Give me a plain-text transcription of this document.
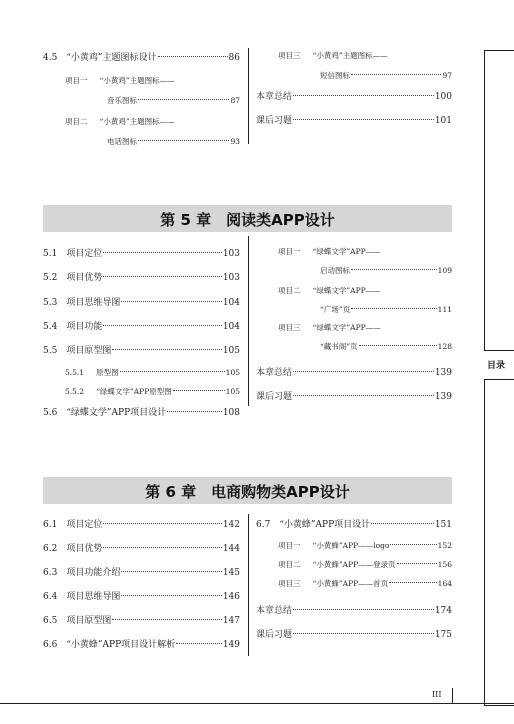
目录
第 5 章　阅读类APP设计
第 6 章　电商购物类APP设计
III
4.5 “小黄鸡”主题图标设计	86
项目一 “小黄鸡”主题图标——
音乐图标	87
项目二 “小黄鸡”主题图标——
电话图标	93
项目三 “小黄鸡”主题图标——
短信图标	97
本章总结	100
课后习题	101
5.1 项目定位	103
5.2 项目优势	103
5.3 项目思维导图	104
5.4 项目功能	104
5.5 项目原型图	105
5.5.1 原型图	105
5.5.2 “绿蝶文学”APP原型图	105
5.6 “绿蝶文学”APP项目设计	108
项目一 “绿蝶文学”APP——
启动图标	109
项目二 “绿蝶文学”APP——
“广场”页	111
项目三 “绿蝶文学”APP——
“藏书阁”页	128
本章总结	139
课后习题	139
6.1 项目定位	142
6.2 项目优势	144
6.3 项目功能介绍	145
6.4 项目思维导图	146
6.5 项目原型图	147
6.6 “小黄蜂”APP项目设计解析	149
6.7 “小黄蜂”APP项目设计	151
项目一 “小黄蜂”APP——logo	152
项目二 “小黄蜂”APP——登录页	156
项目三 “小黄蜂”APP——首页	164
本章总结	174
课后习题	175
